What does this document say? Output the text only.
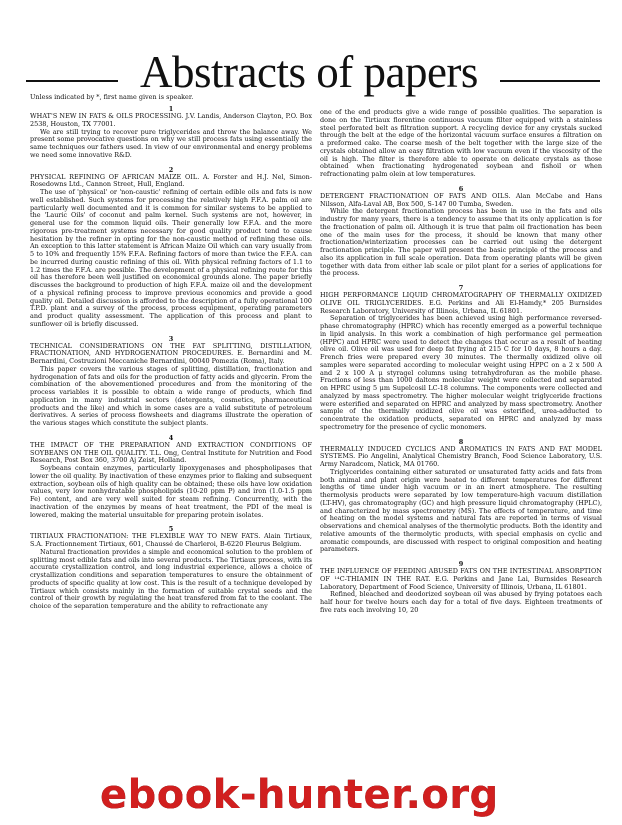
Abstracts of papers
Unless indicated by *, first name given is speaker.
1
WHAT'S NEW IN FATS & OILS PROCESSING. J.V. Landis, Anderson Clayton, P.O. Box 2538, Houston, TX 77001.
We are still trying to recover pure triglycerides and throw the balance away. We present some provocative questions on why we still process fats using essentially the same techniques our fathers used. In view of our environmental and energy problems we need some innovative R&D.
2
PHYSICAL REFINING OF AFRICAN MAIZE OIL. A. Forster and H.J. Nel, Simon-Rosedowns Ltd., Cannon Street, Hull, England.
The use of 'physical' or 'non-caustic' refining of certain edible oils and fats is now well established. Such systems for processing the relatively high F.F.A. palm oil are particularly well documented and it is common for similar systems to be applied to the 'Lauric Oils' of coconut and palm kernel. Such systems are not, however, in general use for the common liquid oils. Their generally low F.F.A. and the more rigorous pre-treatment systems necessary for good quality product tend to cause hesitation by the refiner in opting for the non-caustic method of refining these oils. An exception to this latter statement is African Maize Oil which can vary usually from 5 to 10% and frequently 15% F.F.A. Refining factors of more than twice the F.F.A. can be incurred during caustic refining of this oil. With physical refining factors of 1.1 to 1.2 times the F.F.A. are possible. The development of a physical refining route for this oil has therefore been well justified on economical grounds alone. The paper briefly discusses the background to production of high F.F.A. maize oil and the development of a physical refining process to improve previous economics and provide a good quality oil. Detailed discussion is afforded to the description of a fully operational 100 T.P.D. plant and a survey of the process, process equipment, operating parameters and product quality assessment. The application of this process and plant to sunflower oil is briefly discussed.
3
TECHNICAL CONSIDERATIONS ON THE FAT SPLITTING, DISTILLATION, FRACTIONATION, AND HYDROGENATION PROCEDURES. E. Bernardini and M. Bernardini, Costruzioni Meccaniche Bernardini, 00040 Pomezia (Roma), Italy.
This paper covers the various stages of splitting, distillation, fractionation and hydrogenation of fats and oils for the production of fatty acids and glycerin. From the combination of the abovementioned procedures and from the monitoring of the process variables it is possible to obtain a wide range of products, which find application in many industrial sectors (detergents, cosmetics, pharmaceutical products and the like) and which in some cases are a valid substitute of petroleum derivatives. A series of process flowsheets and diagrams illustrate the operation of the various stages which constitute the subject plants.
4
THE IMPACT OF THE PREPARATION AND EXTRACTION CONDITIONS OF SOYBEANS ON THE OIL QUALITY. T.L. Ong, Central Institute for Nutrition and Food Research, Post Box 360, 3700 Aj Zeist, Holland.
Soybeans contain enzymes, particularly lipoxygenases and phospholipases that lower the oil quality. By inactivation of these enzymes prior to flaking and subsequent extraction, soybean oils of high quality can be obtained; these oils have low oxidation values, very low nonhydratable phospholipids (10-20 ppm P) and iron (1.0-1.5 ppm Fe) content, and are very well suited for steam refining. Concurrently, with the inactivation of the enzymes by means of heat treatment, the PDI of the meal is lowered, making the material unsuitable for preparing protein isolates.
5
TIRTIAUX FRACTIONATION: THE FLEXIBLE WAY TO NEW FATS. Alain Tirtiaux, S.A. Fractionnement Tirtiaux, 601, Chaussé de Charleroi, B-6220 Fleurus Belgium.
Natural fractionation provides a simple and economical solution to the problem of splitting most edible fats and oils into several products. The Tirtiaux process, with its accurate crystallization control, and long industrial experience, allows a choice of crystallization conditions and separation temperatures to ensure the obtainment of products of specific quality at low cost. This is the result of a technique developed by Tirtiaux which consists mainly in the formation of suitable crystal seeds and the control of their growth by regulating the heat transfered from fat to the coolant. The choice of the separation temperature and the ability to refractionate any
one of the end products give a wide range of possible qualities. The separation is done on the Tirtiaux florentine continuous vacuum filter equipped with a stainless steel perforated belt as filtration support. A recycling device for any crystals sucked through the belt at the edge of the horizontal vacuum surface ensures a filtration on a preformed cake. The coarse mesh of the belt together with the large size of the crystals obtained allow an easy filtration with low vacuum even if the viscosity of the oil is high. The filter is therefore able to operate on delicate crystals as those obtained when fractionating hydrogenated soybean and fishoil or when refractionating palm olein at low temperatures.
6
DETERGENT FRACTIONATION OF FATS AND OILS. Alan McCabe and Hans Nilsson, Alfa-Laval AB, Box 500, S-147 00 Tumba, Sweden.
While the detergent fractionation process has been in use in the fats and oils industry for many years, there is a tendency to assume that its only application is for the fractionation of palm oil. Although it is true that palm oil fractionation has been one of the main uses for the process, it should be known that many other fractionation/winterization processes can be carried out using the detergent fractionation principle. The paper will present the basic principle of the process and also its application in full scale operation. Data from operating plants will be given together with data from either lab scale or pilot plant for a series of applications for the process.
7
HIGH PERFORMANCE LIQUID CHROMATOGRAPHY OF THERMALLY OXIDIZED OLIVE OIL TRIGLYCERIDES. E.G. Perkins and Ali El-Hamdy,* 205 Burnsides Research Laboratory, University of Illinois, Urbana, IL 61801.
Separation of triglycerides has been achieved using high performance reversed-phase chromatography (HPRC) which has recently emerged as a powerful technique in lipid analysis. In this work a combination of high performance gel permeation (HPPC) and HPRC were used to detect the changes that occur as a result of heating olive oil. Olive oil was used for deep fat frying at 215 C for 10 days, 8 hours a day. French fries were prepared every 30 minutes. The thermally oxidized olive oil samples were separated according to molecular weight using HPPC on a 2 x 500 A and 2 x 100 A μ styragel columns using tetrahydrofuran as the mobile phase. Fractions of less than 1000 daltons molecular weight were collected and separated on HPRC using 5 μm Supelcosil LC-18 columns. The components were collected and analyzed by mass spectrometry. The higher molecular weight triglyceride fractions were esterified and separated on HPRC and analyzed by mass spectrometry. Another sample of the thermally oxidized olive oil was esterified, urea-adducted to concentrate the oxidation products, separated on HPRC and analyzed by mass spectrometry for the presence of cyclic monomers.
8
THERMALLY INDUCED CYCLICS AND AROMATICS IN FATS AND FAT MODEL SYSTEMS. Pio Angelini, Analytical Chemistry Branch, Food Science Laboratory, U.S. Army Naradcom, Natick, MA 01760.
Triglycerides containing either saturated or unsaturated fatty acids and fats from both animal and plant origin were heated to different temperatures for different lengths of time under high vacuum or in an inert atmosphere. The resulting thermolysis products were separated by low temperature-high vacuum distillation (LT-HV), gas chromatography (GC) and high pressure liquid chromatography (HPLC), and characterized by mass spectrometry (MS). The effects of temperature, and time of heating on the model systems and natural fats are reported in terms of visual observations and chemical analyses of the thermolytic products. Both the identity and relative amounts of the thermolytic products, with special emphasis on cyclic and aromatic compounds, are discussed with respect to original composition and heating parameters.
9
THE INFLUENCE OF FEEDING ABUSED FATS ON THE INTESTINAL ABSORPTION OF ¹⁴C-THIAMIN IN THE RAT. E.G. Perkins and Jane Lai, Burnsides Research Laboratory, Department of Food Science, University of Illinois, Urbana, IL 61801.
Refined, bleached and deodorized soybean oil was abused by frying potatoes each half hour for twelve hours each day for a total of five days. Eighteen treatments of five rats each involving 10, 20
ebook-hunter.org
